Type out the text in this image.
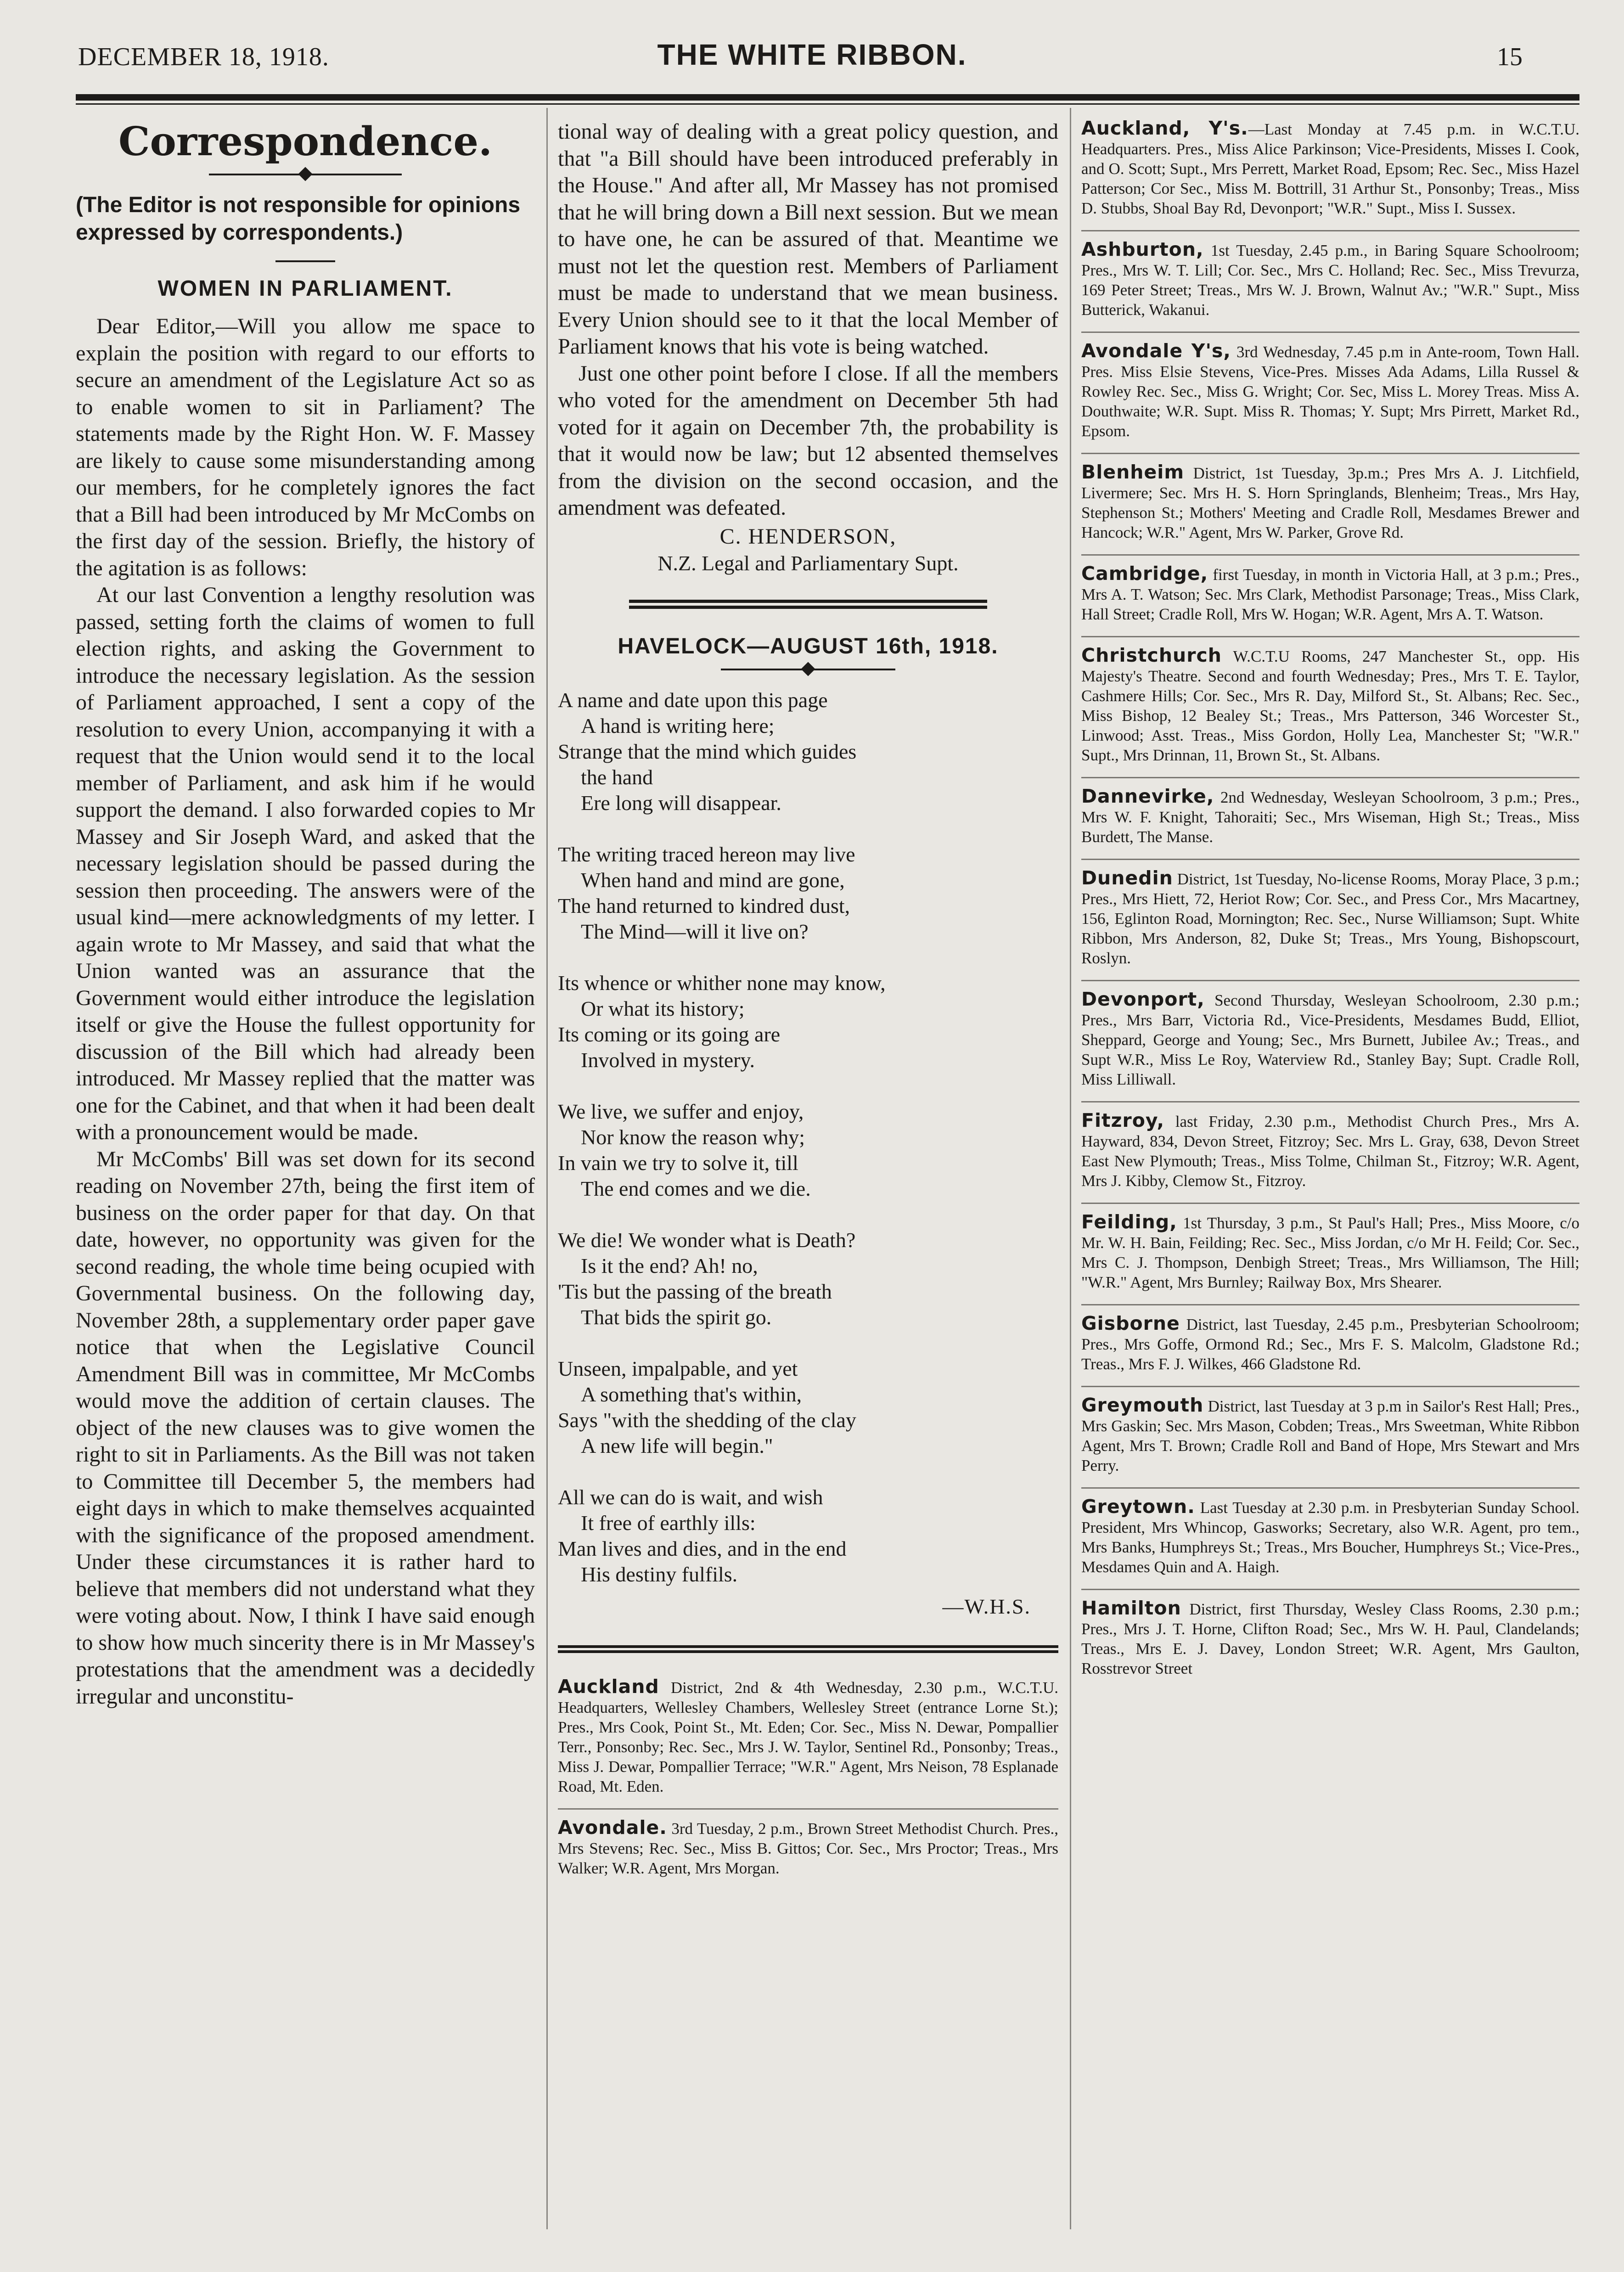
DECEMBER 18, 1918.	THE WHITE RIBBON.	15
Correspondence.

(The Editor is not responsible for opinions expressed by correspondents.)

WOMEN IN PARLIAMENT.

Dear Editor,—Will you allow me space to explain the position with regard to our efforts to secure an amendment of the Legislature Act so as to enable women to sit in Parliament? The statements made by the Right Hon. W. F. Massey are likely to cause some misunderstanding among our members, for he completely ignores the fact that a Bill had been introduced by Mr McCombs on the first day of the session. Briefly, the history of the agitation is as follows:

At our last Convention a lengthy resolution was passed, setting forth the claims of women to full election rights, and asking the Government to introduce the necessary legislation. As the session of Parliament approached, I sent a copy of the resolution to every Union, accompanying it with a request that the Union would send it to the local member of Parliament, and ask him if he would support the demand. I also forwarded copies to Mr Massey and Sir Joseph Ward, and asked that the necessary legislation should be passed during the session then proceeding. The answers were of the usual kind—mere acknowledgments of my letter. I again wrote to Mr Massey, and said that what the Union wanted was an assurance that the Government would either introduce the legislation itself or give the House the fullest opportunity for discussion of the Bill which had already been introduced. Mr Massey replied that the matter was one for the Cabinet, and that when it had been dealt with a pronouncement would be made.

Mr McCombs' Bill was set down for its second reading on November 27th, being the first item of business on the order paper for that day. On that date, however, no opportunity was given for the second reading, the whole time being ocupied with Governmental business. On the following day, November 28th, a supplementary order paper gave notice that when the Legislative Council Amendment Bill was in committee, Mr McCombs would move the addition of certain clauses. The object of the new clauses was to give women the right to sit in Parliaments. As the Bill was not taken to Committee till December 5, the members had eight days in which to make themselves acquainted with the significance of the proposed amendment. Under these circumstances it is rather hard to believe that members did not understand what they were voting about. Now, I think I have said enough to show how much sincerity there is in Mr Massey's protestations that the amendment was a decidedly irregular and unconstitu-

tional way of dealing with a great policy question, and that "a Bill should have been introduced preferably in the House." And after all, Mr Massey has not promised that he will bring down a Bill next session. But we mean to have one, he can be assured of that. Meantime we must not let the question rest. Members of Parliament must be made to understand that we mean business. Every Union should see to it that the local Member of Parliament knows that his vote is being watched.

Just one other point before I close. If all the members who voted for the amendment on December 5th had voted for it again on December 7th, the probability is that it would now be law; but 12 absented themselves from the division on the second occasion, and the amendment was defeated.

C. HENDERSON,

N.Z. Legal and Parliamentary Supt.

HAVELOCK—AUGUST 16th, 1918.
A name and date upon this page
A hand is writing here;
Strange that the mind which guides
the hand
Ere long will disappear.
The writing traced hereon may live
When hand and mind are gone,
The hand returned to kindred dust,
The Mind—will it live on?
Its whence or whither none may know,
Or what its history;
Its coming or its going are
Involved in mystery.
We live, we suffer and enjoy,
Nor know the reason why;
In vain we try to solve it, till
The end comes and we die.
We die! We wonder what is Death?
Is it the end? Ah! no,
'Tis but the passing of the breath
That bids the spirit go.
Unseen, impalpable, and yet
A something that's within,
Says "with the shedding of the clay
A new life will begin."
All we can do is wait, and wish
It free of earthly ills:
Man lives and dies, and in the end
His destiny fulfils.
—W.H.S.

Auckland District, 2nd & 4th Wednesday, 2.30 p.m., W.C.T.U. Headquarters, Wellesley Chambers, Wellesley Street (entrance Lorne St.); Pres., Mrs Cook, Point St., Mt. Eden; Cor. Sec., Miss N. Dewar, Pompallier Terr., Ponsonby; Rec. Sec., Mrs J. W. Taylor, Sentinel Rd., Ponsonby; Treas., Miss J. Dewar, Pompallier Terrace; "W.R." Agent, Mrs Neison, 78 Esplanade Road, Mt. Eden.

Avondale. 3rd Tuesday, 2 p.m., Brown Street Methodist Church. Pres., Mrs Stevens; Rec. Sec., Miss B. Gittos; Cor. Sec., Mrs Proctor; Treas., Mrs Walker; W.R. Agent, Mrs Morgan.

Auckland, Y's.—Last Monday at 7.45 p.m. in W.C.T.U. Headquarters. Pres., Miss Alice Parkinson; Vice-Presidents, Misses I. Cook, and O. Scott; Supt., Mrs Perrett, Market Road, Epsom; Rec. Sec., Miss Hazel Patterson; Cor Sec., Miss M. Bottrill, 31 Arthur St., Ponsonby; Treas., Miss D. Stubbs, Shoal Bay Rd, Devonport; "W.R." Supt., Miss I. Sussex.

Ashburton, 1st Tuesday, 2.45 p.m., in Baring Square Schoolroom; Pres., Mrs W. T. Lill; Cor. Sec., Mrs C. Holland; Rec. Sec., Miss Trevurza, 169 Peter Street; Treas., Mrs W. J. Brown, Walnut Av.; "W.R." Supt., Miss Butterick, Wakanui.

Avondale Y's, 3rd Wednesday, 7.45 p.m in Ante-room, Town Hall. Pres. Miss Elsie Stevens, Vice-Pres. Misses Ada Adams, Lilla Russel & Rowley Rec. Sec., Miss G. Wright; Cor. Sec, Miss L. Morey Treas. Miss A. Douthwaite; W.R. Supt. Miss R. Thomas; Y. Supt; Mrs Pirrett, Market Rd., Epsom.

Blenheim District, 1st Tuesday, 3p.m.; Pres Mrs A. J. Litchfield, Livermere; Sec. Mrs H. S. Horn Springlands, Blenheim; Treas., Mrs Hay, Stephenson St.; Mothers' Meeting and Cradle Roll, Mesdames Brewer and Hancock; W.R." Agent, Mrs W. Parker, Grove Rd.

Cambridge, first Tuesday, in month in Victoria Hall, at 3 p.m.; Pres., Mrs A. T. Watson; Sec. Mrs Clark, Methodist Parsonage; Treas., Miss Clark, Hall Street; Cradle Roll, Mrs W. Hogan; W.R. Agent, Mrs A. T. Watson.

Christchurch W.C.T.U Rooms, 247 Manchester St., opp. His Majesty's Theatre. Second and fourth Wednesday; Pres., Mrs T. E. Taylor, Cashmere Hills; Cor. Sec., Mrs R. Day, Milford St., St. Albans; Rec. Sec., Miss Bishop, 12 Bealey St.; Treas., Mrs Patterson, 346 Worcester St., Linwood; Asst. Treas., Miss Gordon, Holly Lea, Manchester St; "W.R." Supt., Mrs Drinnan, 11, Brown St., St. Albans.

Dannevirke, 2nd Wednesday, Wesleyan Schoolroom, 3 p.m.; Pres., Mrs W. F. Knight, Tahoraiti; Sec., Mrs Wiseman, High St.; Treas., Miss Burdett, The Manse.

Dunedin District, 1st Tuesday, No-license Rooms, Moray Place, 3 p.m.; Pres., Mrs Hiett, 72, Heriot Row; Cor. Sec., and Press Cor., Mrs Macartney, 156, Eglinton Road, Mornington; Rec. Sec., Nurse Williamson; Supt. White Ribbon, Mrs Anderson, 82, Duke St; Treas., Mrs Young, Bishopscourt, Roslyn.

Devonport, Second Thursday, Wesleyan Schoolroom, 2.30 p.m.; Pres., Mrs Barr, Victoria Rd., Vice-Presidents, Mesdames Budd, Elliot, Sheppard, George and Young; Sec., Mrs Burnett, Jubilee Av.; Treas., and Supt W.R., Miss Le Roy, Waterview Rd., Stanley Bay; Supt. Cradle Roll, Miss Lilliwall.

Fitzroy, last Friday, 2.30 p.m., Methodist Church Pres., Mrs A. Hayward, 834, Devon Street, Fitzroy; Sec. Mrs L. Gray, 638, Devon Street East New Plymouth; Treas., Miss Tolme, Chilman St., Fitzroy; W.R. Agent, Mrs J. Kibby, Clemow St., Fitzroy.

Feilding, 1st Thursday, 3 p.m., St Paul's Hall; Pres., Miss Moore, c/o Mr. W. H. Bain, Feilding; Rec. Sec., Miss Jordan, c/o Mr H. Feild; Cor. Sec., Mrs C. J. Thompson, Denbigh Street; Treas., Mrs Williamson, The Hill; "W.R." Agent, Mrs Burnley; Railway Box, Mrs Shearer.

Gisborne District, last Tuesday, 2.45 p.m., Presbyterian Schoolroom; Pres., Mrs Goffe, Ormond Rd.; Sec., Mrs F. S. Malcolm, Gladstone Rd.; Treas., Mrs F. J. Wilkes, 466 Gladstone Rd.

Greymouth District, last Tuesday at 3 p.m in Sailor's Rest Hall; Pres., Mrs Gaskin; Sec. Mrs Mason, Cobden; Treas., Mrs Sweetman, White Ribbon Agent, Mrs T. Brown; Cradle Roll and Band of Hope, Mrs Stewart and Mrs Perry.

Greytown. Last Tuesday at 2.30 p.m. in Presbyterian Sunday School. President, Mrs Whincop, Gasworks; Secretary, also W.R. Agent, pro tem., Mrs Banks, Humphreys St.; Treas., Mrs Boucher, Humphreys St.; Vice-Pres., Mesdames Quin and A. Haigh.

Hamilton District, first Thursday, Wesley Class Rooms, 2.30 p.m.; Pres., Mrs J. T. Horne, Clifton Road; Sec., Mrs W. H. Paul, Clandelands; Treas., Mrs E. J. Davey, London Street; W.R. Agent, Mrs Gaulton, Rosstrevor Street
